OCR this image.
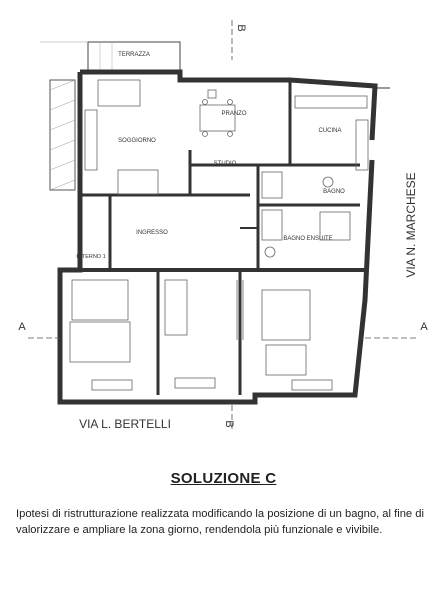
TERRAZZA
PRANZO
CUCINA
SOGGIORNO
STUDIO
BAGNO
INGRESSO
BAGNO ENSUITE
INTERNO 1
VIA L. BERTELLI
VIA N. MARCHESE
A	A
B
B
SOLUZIONE C
Ipotesi di ristrutturazione realizzata modificando la posizione di un bagno, al fine di valorizzare e ampliare la zona giorno, rendendola più funzionale e vivibile.
